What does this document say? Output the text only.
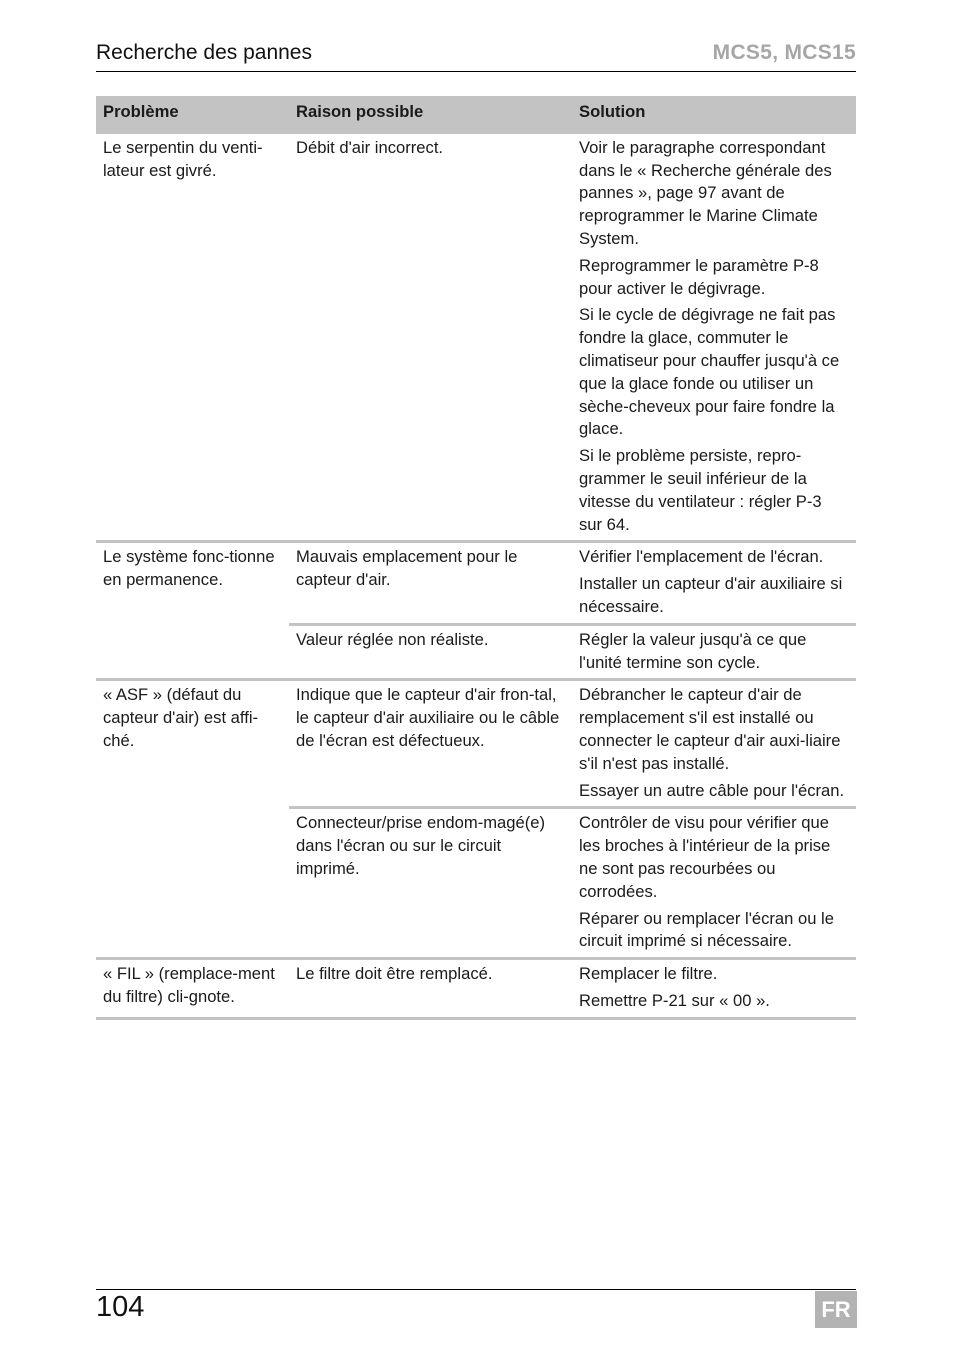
Recherche des pannes	MCS5, MCS15
Problème	Raison possible	Solution
Le serpentin du venti-lateur est givré.	Débit d'air incorrect.	Voir le paragraphe correspondant dans le « Recherche générale des pannes », page 97 avant de reprogrammer le Marine Climate System.

Reprogrammer le paramètre P-8 pour activer le dégivrage.

Si le cycle de dégivrage ne fait pas fondre la glace, commuter le climatiseur pour chauffer jusqu'à ce que la glace fonde ou utiliser un sèche-cheveux pour faire fondre la glace.

Si le problème persiste, repro-grammer le seuil inférieur de la vitesse du ventilateur : régler P-3 sur 64.

Le système fonc-tionne en permanence.	Mauvais emplacement pour le capteur d'air.	Vérifier l'emplacement de l'écran.

Installer un capteur d'air auxiliaire si nécessaire.

	Valeur réglée non réaliste.	Régler la valeur jusqu'à ce que l'unité termine son cycle.

« ASF » (défaut du capteur d'air) est affi-ché.	Indique que le capteur d'air fron-tal, le capteur d'air auxiliaire ou le câble de l'écran est défectueux.	Débrancher le capteur d'air de remplacement s'il est installé ou connecter le capteur d'air auxi-liaire s'il n'est pas installé.

Essayer un autre câble pour l'écran.

	Connecteur/prise endom-magé(e) dans l'écran ou sur le circuit imprimé.	Contrôler de visu pour vérifier que les broches à l'intérieur de la prise ne sont pas recourbées ou corrodées.

Réparer ou remplacer l'écran ou le circuit imprimé si nécessaire.

« FIL » (remplace-ment du filtre) cli-gnote.	Le filtre doit être remplacé.	Remplacer le filtre.

Remettre P-21 sur « 00 ».

104	FR
